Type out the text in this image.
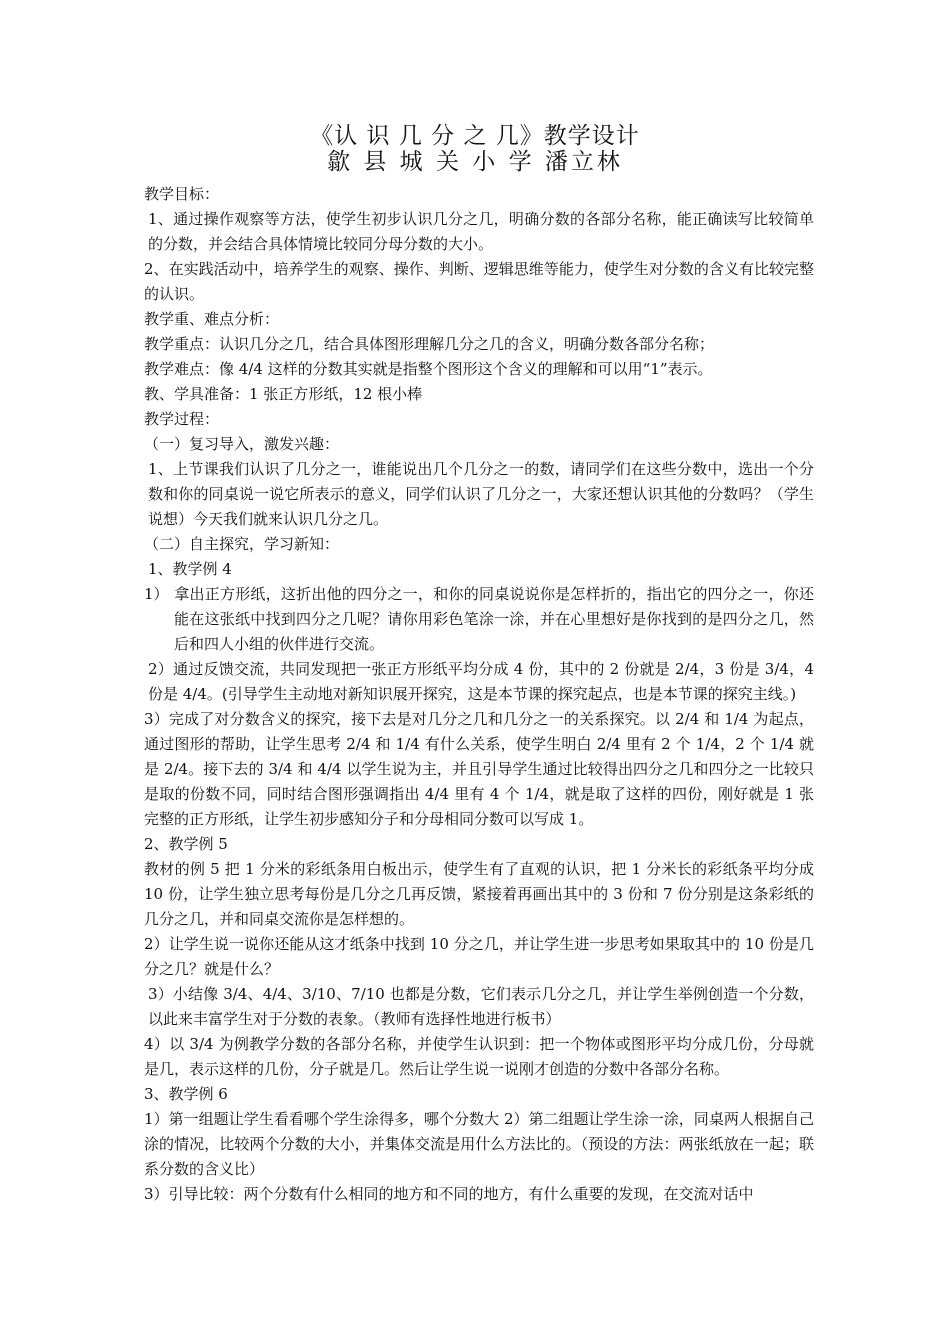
《认 识 几 分 之 几》教学设计
歙 县 城 关 小 学 潘立林

教学目标：

1、通过操作观察等方法，使学生初步认识几分之几，明确分数的各部分名称，能正确读写比较简单的分数，并会结合具体情境比较同分母分数的大小。

2、在实践活动中，培养学生的观察、操作、判断、逻辑思维等能力，使学生对分数的含义有比较完整的认识。

教学重、难点分析：

教学重点：认识几分之几，结合具体图形理解几分之几的含义，明确分数各部分名称；

教学难点：像 4/4 这样的分数其实就是指整个图形这个含义的理解和可以用“1”表示。

教、学具准备：1 张正方形纸，12 根小棒

教学过程：

（一）复习导入，激发兴趣：

1、上节课我们认识了几分之一，谁能说出几个几分之一的数，请同学们在这些分数中，选出一个分数和你的同桌说一说它所表示的意义，同学们认识了几分之一，大家还想认识其他的分数吗？（学生说想）今天我们就来认识几分之几。

（二）自主探究，学习新知：

1、教学例 4

1） 拿出正方形纸，这折出他的四分之一，和你的同桌说说你是怎样折的，指出它的四分之一，你还能在这张纸中找到四分之几呢？请你用彩色笔涂一涂，并在心里想好是你找到的是四分之几，然后和四人小组的伙伴进行交流。

2）通过反馈交流，共同发现把一张正方形纸平均分成 4 份，其中的 2 份就是 2/4，3 份是 3/4，4 份是 4/4。(引导学生主动地对新知识展开探究，这是本节课的探究起点，也是本节课的探究主线。)

3）完成了对分数含义的探究，接下去是对几分之几和几分之一的关系探究。以 2/4 和 1/4 为起点，通过图形的帮助，让学生思考 2/4 和 1/4 有什么关系，使学生明白 2/4 里有 2 个 1/4，2 个 1/4 就是 2/4。接下去的 3/4 和 4/4 以学生说为主，并且引导学生通过比较得出四分之几和四分之一比较只是取的份数不同，同时结合图形强调指出 4/4 里有 4 个 1/4，就是取了这样的四份，刚好就是 1 张完整的正方形纸，让学生初步感知分子和分母相同分数可以写成 1。

2、教学例 5

教材的例 5 把 1 分米的彩纸条用白板出示，使学生有了直观的认识，把 1 分米长的彩纸条平均分成 10 份，让学生独立思考每份是几分之几再反馈，紧接着再画出其中的 3 份和 7 份分别是这条彩纸的几分之几，并和同桌交流你是怎样想的。

2）让学生说一说你还能从这才纸条中找到 10 分之几，并让学生进一步思考如果取其中的 10 份是几分之几？就是什么？

3）小结像 3/4、4/4、3/10、7/10 也都是分数，它们表示几分之几，并让学生举例创造一个分数，以此来丰富学生对于分数的表象。（教师有选择性地进行板书）

4）以 3/4 为例教学分数的各部分名称，并使学生认识到：把一个物体或图形平均分成几份，分母就是几，表示这样的几份，分子就是几。然后让学生说一说刚才创造的分数中各部分名称。

3、教学例 6

1）第一组题让学生看看哪个学生涂得多，哪个分数大 2）第二组题让学生涂一涂，同桌两人根据自己涂的情况，比较两个分数的大小，并集体交流是用什么方法比的。（预设的方法：两张纸放在一起；联系分数的含义比）

3）引导比较：两个分数有什么相同的地方和不同的地方，有什么重要的发现，在交流对话中
